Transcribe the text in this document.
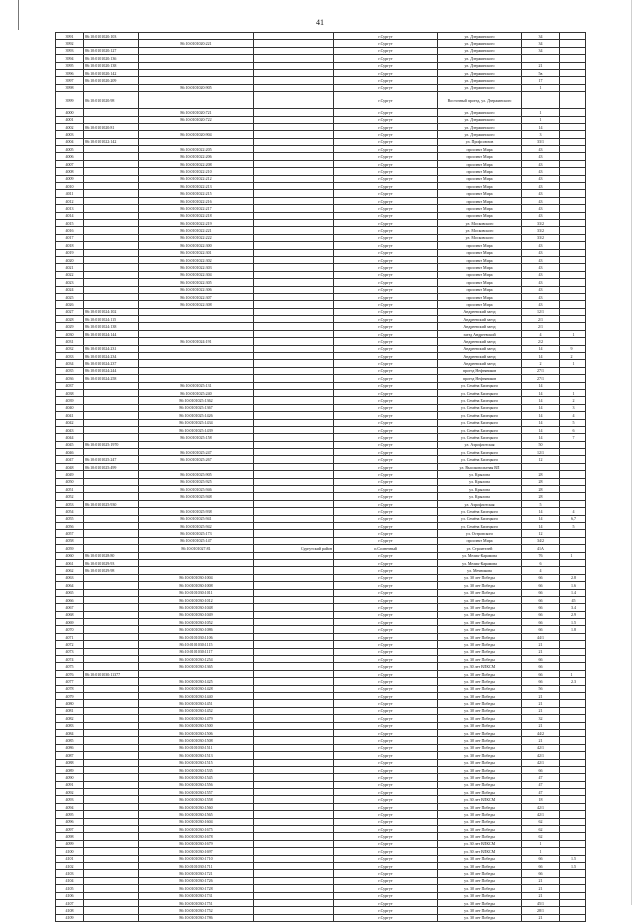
41
3991	86:10:0101020:103			г.Сургут	ул. Дзержинского	34	
3992		86:10:0101020:221		г.Сургут	ул. Дзержинского	34	
3993	86:10:0101020:127			г.Сургут	ул. Дзержинского	34	
3994	86:10:0101020:136			г.Сургут	ул. Дзержинского		
3995	86:10:0101020:138			г.Сургут	ул. Дзержинского	21	
3996	86:10:0101020:142			г.Сургут	ул. Дзержинского	5в	
3997	86:10:0101020:209			г.Сургут	ул. Дзержинского	17	
3998		86:10:0101020:905		г.Сургут	ул. Дзержинского	1	
3999	86:10:0101020:98			г.Сургут	Восточный проезд, ул. Дзержинского		
4000		86:10:0101020:721		г.Сургут	ул. Дзержинского	1	
4001		86:10:0101020:722		г.Сургут	ул. Дзержинского	1	
4002	86:10:0101020:81			г.Сургут	ул. Дзержинского	14	
4003		86:10:0101020:904		г.Сургут	ул. Дзержинского	3	
4004	86:10:0101022:142			г.Сургут	ул. Профсоюзов	33/1	
4005		86:10:0101022:205		г.Сургут	проспект Мира	43	
4006		86:10:0101022:206		г.Сургут	проспект Мира	43	
4007		86:10:0101022:208		г.Сургут	проспект Мира	43	
4008		86:10:0101022:210		г.Сургут	проспект Мира	43	
4009		86:10:0101022:212		г.Сургут	проспект Мира	43	
4010		86:10:0101022:213		г.Сургут	проспект Мира	43	
4011		86:10:0101022:215		г.Сургут	проспект Мира	43	
4012		86:10:0101022:216		г.Сургут	проспект Мира	43	
4013		86:10:0101022:217		г.Сургут	проспект Мира	43	
4014		86:10:0101022:218		г.Сургут	проспект Мира	43	
4015		86:10:0101022:219		г.Сургут	ул. Московского	33/2	
4016		86:10:0101022:221		г.Сургут	ул. Московского	33/2	
4017		86:10:0101022:222		г.Сургут	ул. Московского	33/2	
4018		86:10:0101022:300		г.Сургут	проспект Мира	43	
4019		86:10:0101022:301		г.Сургут	проспект Мира	43	
4020		86:10:0101022:302		г.Сургут	проспект Мира	43	
4021		86:10:0101022:303		г.Сургут	проспект Мира	43	
4022		86:10:0101022:304		г.Сургут	проспект Мира	43	
4023		86:10:0101022:305		г.Сургут	проспект Мира	43	
4024		86:10:0101022:306		г.Сургут	проспект Мира	43	
4025		86:10:0101022:307		г.Сургут	проспект Мира	43	
4026		86:10:0101022:308		г.Сургут	проспект Мира	43	
4027	86:10:0101024:102			г.Сургут	Андреевский заезд	12/1	
4028	86:10:0101024:115			г.Сургут	Андреевский заезд	2/1	
4029	86:10:0101024:138			г.Сургут	Андреевский заезд	2/1	
4030	86:10:0101024:144			г.Сургут	заезд Андреевский	4	1
4031		86:10:0101024:191		г.Сургут	Андреевский заезд	2/2	
4032	86:10:0101024:231			г.Сургут	Андреевский заезд	14	9
4033	86:10:0101024:234			г.Сургут	Андреевский заезд	14	2
4034	86:10:0101024:237			г.Сургут	Андреевский заезд	2	1
4035	86:10:0101024:244			г.Сургут	проезд Нефтяников	27/1	
4036	86:10:0101024:258			г.Сургут	проезд Нефтяников	27/1	
4037		86:10:0101025:131		г.Сургут	ул. Семёна Билецкого	14	
4038		86:10:0101025:240		г.Сургут	ул. Семёна Билецкого	14	1
4039		86:10:0101025:1362		г.Сургут	ул. Семёна Билецкого	14	2
4040		86:10:0101025:1367		г.Сургут	ул. Семёна Билецкого	14	3
4041		86:10:0101025:1426		г.Сургут	ул. Семёна Билецкого	14	4
4042		86:10:0101025:1434		г.Сургут	ул. Семёна Билецкого	14	5
4043		86:10:0101025:1439		г.Сургут	ул. Семёна Билецкого	14	6
4044		86:10:0101025:158		г.Сургут	ул. Семёна Билецкого	14	7
4045	86:10:0101025:1970			г.Сургут	ул. Аэрофлотская	50	
4046		86:10:0101025:247		г.Сургут	ул. Семёна Билецкого	12/1	
4047	86:10:0101025:247	86:10:0101025:267		г.Сургут	ул. Семёна Билецкого	12	
4048	86:10:0101025:499			г.Сургут	ул. Высоковольтная ВЛ		
4049		86:10:0101025:905		г.Сургут	ул. Крылова	28	
4050		86:10:0101025:925		г.Сургут	ул. Крылова	28	
4051		86:10:0101025:946		г.Сургут	ул. Крылова	28	
4052		86:10:0101025:948		г.Сургут	ул. Крылова	28	
4053	86:10:0101025:930			г.Сургут	ул. Аэрофлотская	5	
4054		86:10:0101025:938		г.Сургут	ул. Семёна Билецкого	14	4
4055		86:10:0101025:941		г.Сургут	ул. Семёна Билецкого	14	6,7
4056		86:10:0101025:942		г.Сургут	ул. Семёна Билецкого	14	5
4057		86:10:0101025:173		г.Сургут	ул. Островского	12	
4058		86:10:0101025:147		г.Сургут	проспект Мира	34/2	
4059		86:10:0101027:81	Сургутский район	п.Солнечный	ул. Строителей	41А	
4060	86:10:0101028:80			г.Сургут	ул. Мелик-Карамова	76	1
4061	86:10:0101029:93			г.Сургут	ул. Мелик-Карамова	6	
4062	86:10:0101029:98			г.Сургут	ул. Мечникова	4	
4063		86:10:0101030:1004		г.Сургут	ул. 30 лет Победы	66	2.8
4064		86:10:0101030:1008		г.Сургут	ул. 30 лет Победы	66	1.6
4065		86:10:0101030:1011		г.Сургут	ул. 30 лет Победы	66	1.4
4066		86:10:0101030:1012		г.Сургут	ул. 30 лет Победы	66	45
4067		86:10:0101030:1048		г.Сургут	ул. 30 лет Победы	66	3.4
4068		86:10:0101030:1049		г.Сургут	ул. 30 лет Победы	66	2.9
4069		86:10:0101030:1052		г.Сургут	ул. 30 лет Победы	66	1.5
4070		86:10:0101030:1086		г.Сургут	ул. 30 лет Победы	66	1.8
4071		86:10:0101030:1106		г.Сургут	ул. 30 лет Победы	44/1	
4072		86:10:0101030:1115		г.Сургут	ул. 30 лет Победы	21	
4073		86:10:0101030:1117		г.Сургут	ул. 30 лет Победы	21	
4074		86:10:0101030:1254		г.Сургут	ул. 30 лет Победы	66	
4075		86:10:0101030:1365		г.Сургут	ул. 30 лет ВЛКСМ	66	
4076	86:10:0101030:11377			г.Сургут	ул. 30 лет Победы	66	1
4077		86:10:0101030:1425		г.Сургут	ул. 30 лет Победы	66	2.3
4078		86:10:0101030:1428		г.Сургут	ул. 30 лет Победы	56	
4079		86:10:0101030:1440		г.Сургут	ул. 30 лет Победы	21	
4080		86:10:0101030:1451		г.Сургут	ул. 30 лет Победы	21	
4081		86:10:0101030:1452		г.Сургут	ул. 30 лет Победы	21	
4082		86:10:0101030:1479		г.Сургут	ул. 30 лет Победы	32	
4083		86:10:0101030:1500		г.Сургут	ул. 30 лет Победы	21	
4084		86:10:0101030:1506		г.Сургут	ул. 30 лет Победы	44/2	
4085		86:10:0101030:1508		г.Сургут	ул. 30 лет Победы	21	
4086		86:10:0101030:1511		г.Сургут	ул. 30 лет Победы	42/1	
4087		86:10:0101030:1513		г.Сургут	ул. 30 лет Победы	42/1	
4088		86:10:0101030:1515		г.Сургут	ул. 30 лет Победы	42/1	
4089		86:10:0101030:1535		г.Сургут	ул. 30 лет Победы	66	
4090		86:10:0101030:1545		г.Сургут	ул. 30 лет Победы	47	
4091		86:10:0101030:1556		г.Сургут	ул. 30 лет Победы	47	
4092		86:10:0101030:1557		г.Сургут	ул. 30 лет Победы	47	
4093		86:10:0101030:1558		г.Сургут	ул. 30 лет ВЛКСМ	18	
4094		86:10:0101030:1560		г.Сургут	ул. 30 лет Победы	42/1	
4095		86:10:0101030:1565		г.Сургут	ул. 30 лет Победы	42/1	
4096		86:10:0101030:1604		г.Сургут	ул. 30 лет Победы	62	
4097		86:10:0101030:1675		г.Сургут	ул. 30 лет Победы	62	
4098		86:10:0101030:1678		г.Сургут	ул. 30 лет Победы	62	
4099		86:10:0101030:1679		г.Сургут	ул. 30 лет ВЛКСМ	1	
4100		86:10:0101030:1697		г.Сургут	ул. 30 лет ВЛКСМ	1	
4101		86:10:0101030:1710		г.Сургут	ул. 30 лет Победы	66	1.5
4102		86:10:0101030:1711		г.Сургут	ул. 30 лет Победы	66	1.5
4103		86:10:0101030:1721		г.Сургут	ул. 30 лет Победы	66	
4104		86:10:0101030:1726		г.Сургут	ул. 30 лет Победы	21	
4105		86:10:0101030:1728		г.Сургут	ул. 30 лет Победы	21	
4106		86:10:0101030:1731		г.Сургут	ул. 30 лет Победы	21	
4107		86:10:0101030:1751		г.Сургут	ул. 30 лет Победы	45/1	
4108		86:10:0101030:1752		г.Сургут	ул. 30 лет Победы	28/1	
4109		86:10:0101030:1786		г.Сургут	ул. 30 лет Победы	21	
